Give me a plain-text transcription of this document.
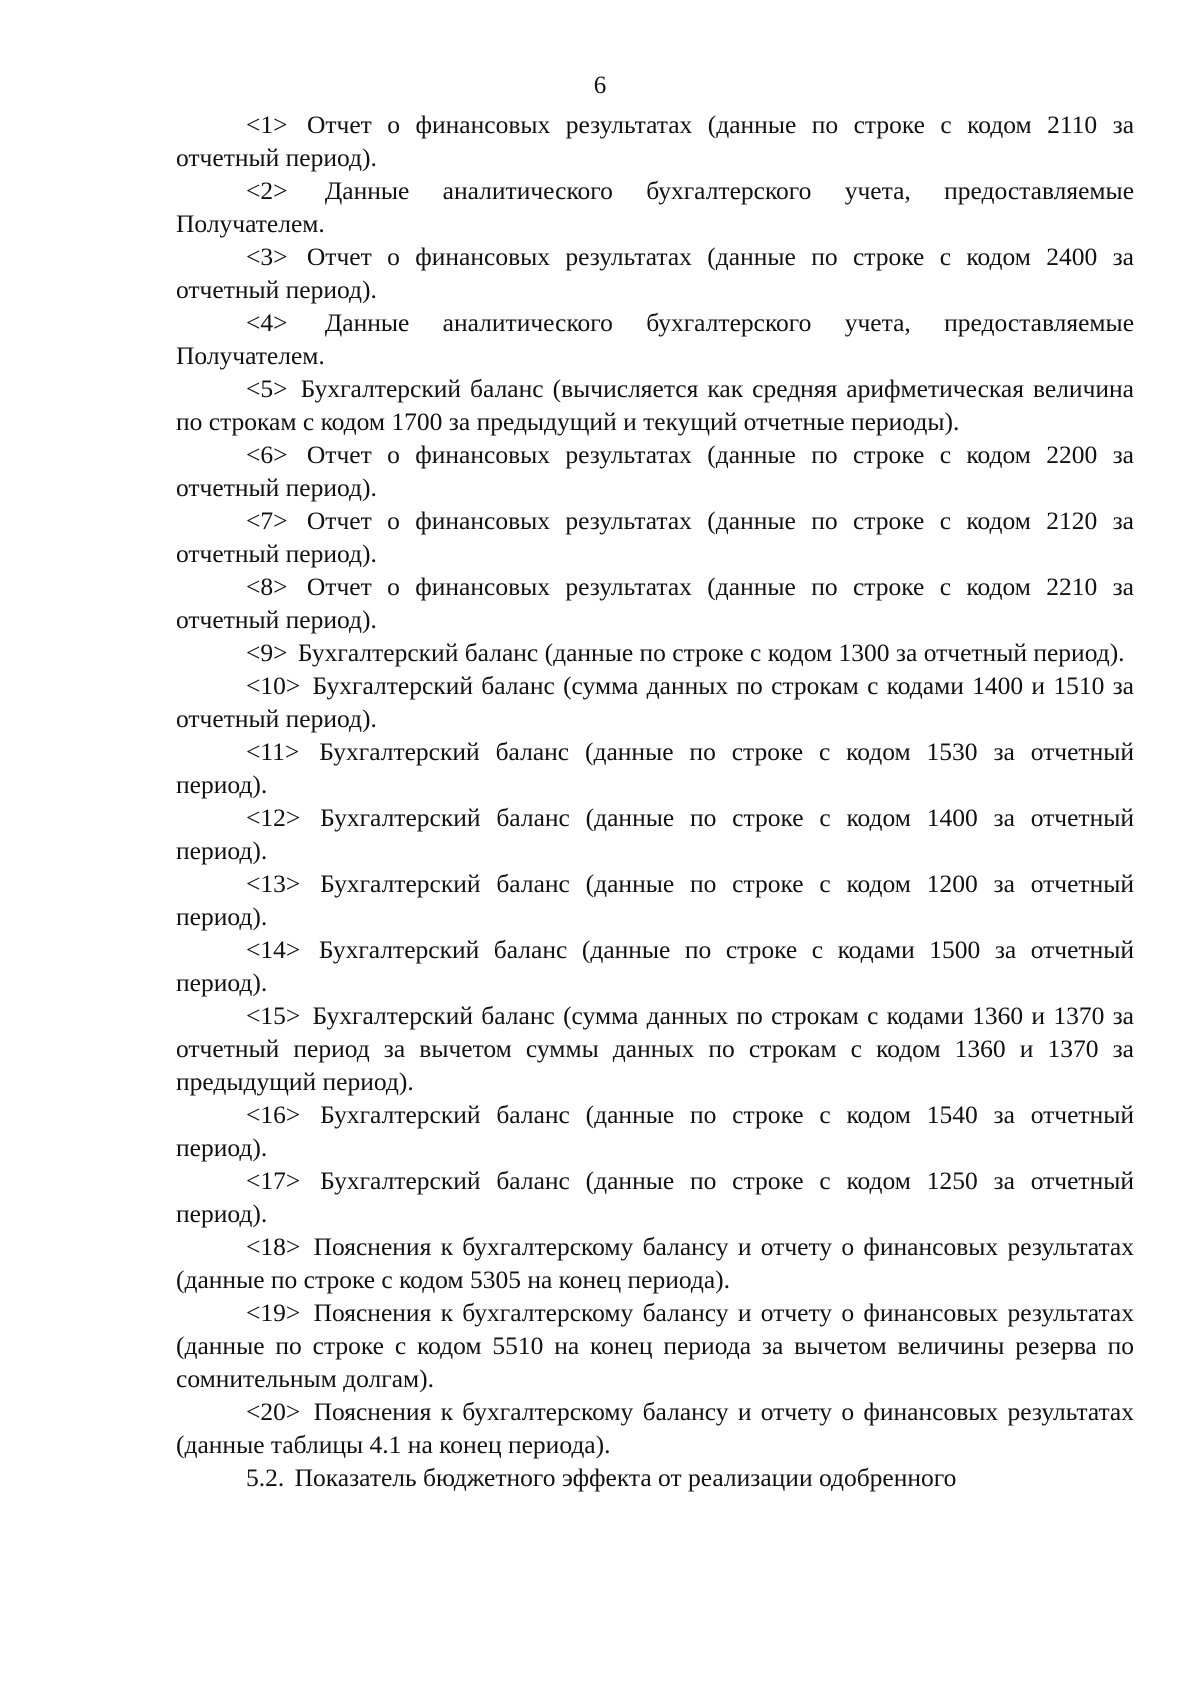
6

<1> Отчет о финансовых результатах (данные по строке с кодом 2110 за отчетный период).

<2> Данные аналитического бухгалтерского учета, предоставляемые Получателем.

<3> Отчет о финансовых результатах (данные по строке с кодом 2400 за отчетный период).

<4> Данные аналитического бухгалтерского учета, предоставляемые Получателем.

<5> Бухгалтерский баланс (вычисляется как средняя арифметическая величина по строкам с кодом 1700 за предыдущий и текущий отчетные периоды).

<6> Отчет о финансовых результатах (данные по строке с кодом 2200 за отчетный период).

<7> Отчет о финансовых результатах (данные по строке с кодом 2120 за отчетный период).

<8> Отчет о финансовых результатах (данные по строке с кодом 2210 за отчетный период).

<9> Бухгалтерский баланс (данные по строке с кодом 1300 за отчетный период).

<10> Бухгалтерский баланс (сумма данных по строкам с кодами 1400 и 1510 за отчетный период).

<11> Бухгалтерский баланс (данные по строке с кодом 1530 за отчетный период).

<12> Бухгалтерский баланс (данные по строке с кодом 1400 за отчетный период).

<13> Бухгалтерский баланс (данные по строке с кодом 1200 за отчетный период).

<14> Бухгалтерский баланс (данные по строке с кодами 1500 за отчетный период).

<15> Бухгалтерский баланс (сумма данных по строкам с кодами 1360 и 1370 за отчетный период за вычетом суммы данных по строкам с кодом 1360 и 1370 за предыдущий период).

<16> Бухгалтерский баланс (данные по строке с кодом 1540 за отчетный период).

<17> Бухгалтерский баланс (данные по строке с кодом 1250 за отчетный период).

<18> Пояснения к бухгалтерскому балансу и отчету о финансовых результатах (данные по строке с кодом 5305 на конец периода).

<19> Пояснения к бухгалтерскому балансу и отчету о финансовых результатах (данные по строке с кодом 5510 на конец периода за вычетом величины резерва по сомнительным долгам).

<20> Пояснения к бухгалтерскому балансу и отчету о финансовых результатах (данные таблицы 4.1 на конец периода).

5.2. Показатель бюджетного эффекта от реализации одобренного
